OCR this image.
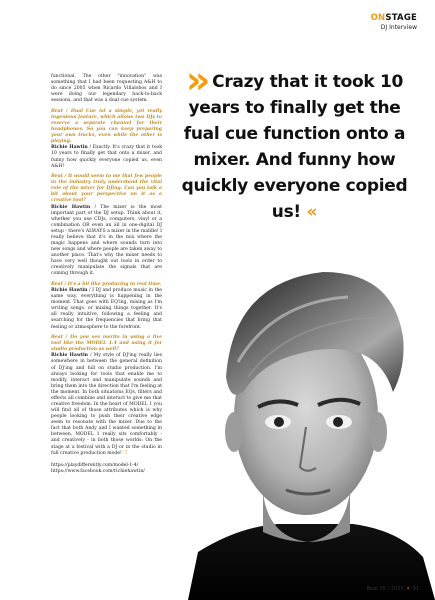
ONSTAGE
DJ Interview
» Crazy that it took 10 years to finally get the fual cue function onto a mixer. And funny how quickly everyone copied us! «

functional. The other "innovation" was something that I had been requesting A&H to do since 2005 when Ricardo Villalobos and I were doing our legendary back-to-back sessions, and that was a dual cue system.

Beat / Dual Cue ist a simple, yet really ingenious feature, which allows two DJs to reserve a separate channel for their headphones. So you can keep preparing your own tracks, even while the other is playing.
Richie Hawtin / Exactly. It's crazy that it took 10 years to finally get that onto a mixer, and funny how quickly everyone copied us, even A&H!

Beat / It would seem to me that few people in the industry truly understand the vital role of the mixer for DJing. Can you talk a bit about your perspective on it as a creative tool?
Richie Hawtin / The mixer is the most important part of the DJ setup. Think about it, whether you use CDJs, computers, vinyl or a combination OR even an all in one-digital DJ setup - there's ALWAYS a mixer in the middle! I really believe that it's in the mix where the magic happens and where sounds turn into new songs and where people are taken away to another place. That's why the mixer needs to have very well thought out tools in order to creatively manipulate the signals that are coming through it.

Beat / It's a bit like producing in real time.
Richie Hawtin / I DJ and produce music in the same way, everything is happening in the moment. That goes with EQ'ing, mixing as I'm writing songs, or mixing things together. It's all really intuitive, following a feeling and searching for the frequencies that bring that feeling or atmosphere to the forefront.

Beat / Do you see merits in using a live tool like the MODEL 1.4 and using it for studio production as well?
Richie Hawtin / My style of DJ'ing really lies somewhere in between the general definition of DJ'ing and full on studio production. I'm always looking for tools that enable me to modify, interact and manipulate sounds and bring them into the direction that I'm feeling at the moment. In both situations EQs, filters and effects all combine and interact to give me that creative freedom. In the heart of MODEL 1 you will find all of those attributes which is why people looking to push their creative edge seem to resonate with the mixer. Due to the fact that both Andy and I wanted something in between, MODEL 1 really sits comfortably - and creatively - in both those worlds: On the stage at a festival with a DJ or in the studio in full creative production mode! ❒

https://playdifferently.com/model-1-4/
https://www.facebook.com/richiehawtin/
Beat 05 | 2021 • 91
